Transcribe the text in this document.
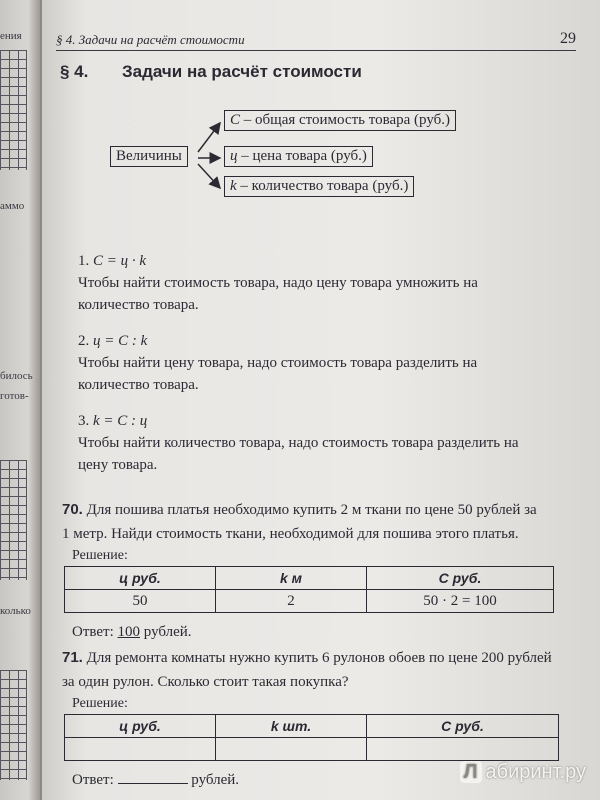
ения
аммо
билось
готов-
колько
§ 4. Задачи на расчёт стоимости	29
§ 4. Задачи на расчёт стоимости
Величины
С – общая стоимость товара (руб.)
ц – цена товара (руб.)
k – количество товара (руб.)
1. С = ц · k
Чтобы найти стоимость товара, надо цену товара умножить на
количество товара.
2. ц = С : k
Чтобы найти цену товара, надо стоимость товара разделить на
количество товара.
3. k = С : ц
Чтобы найти количество товара, надо стоимость товара разделить на
цену товара.
70. Для пошива платья необходимо купить 2 м ткани по цене 50 рублей за
1 метр. Найди стоимость ткани, необходимой для пошива этого платья.
Решение:
ц руб.	k м	С руб.
50	2	50 · 2 = 100
Ответ: 100 рублей.
71. Для ремонта комнаты нужно купить 6 рулонов обоев по цене 200 рублей
за один рулон. Сколько стоит такая покупка?
Решение:
ц руб.	k шт.	С руб.

Ответ:	рублей.	Л абиринт.ру
